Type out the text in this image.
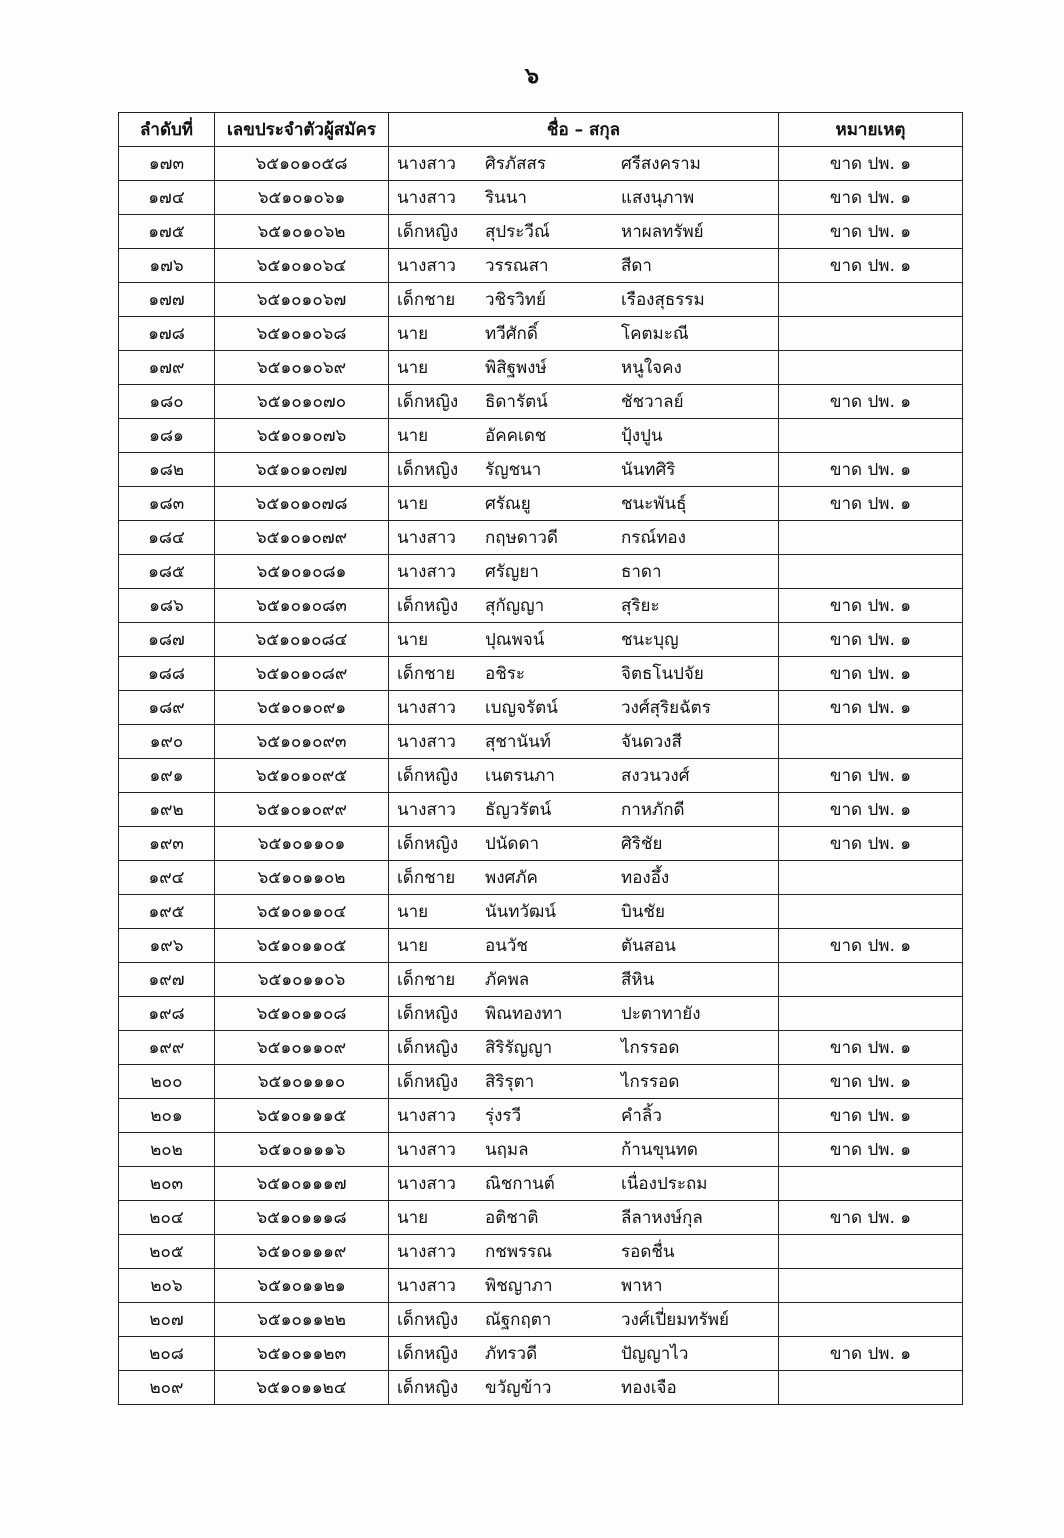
๖
ลำดับที่	เลขประจำตัวผู้สมัคร	ชื่อ – สกุล	หมายเหตุ
๑๗๓	๖๕๑๐๑๐๕๘	นางสาว ศิรภัสสร ศรีสงคราม	ขาด ปพ. ๑
๑๗๔	๖๕๑๐๑๐๖๑	นางสาว รินนา แสงนุภาพ	ขาด ปพ. ๑
๑๗๕	๖๕๑๐๑๐๖๒	เด็กหญิง สุประวีณ์ หาผลทรัพย์	ขาด ปพ. ๑
๑๗๖	๖๕๑๐๑๐๖๔	นางสาว วรรณสา สีดา	ขาด ปพ. ๑
๑๗๗	๖๕๑๐๑๐๖๗	เด็กชาย วชิรวิทย์ เรืองสุธรรม	
๑๗๘	๖๕๑๐๑๐๖๘	นาย ทวีศักดิ์ โคตมะณี	
๑๗๙	๖๕๑๐๑๐๖๙	นาย พิสิฐพงษ์ หนูใจคง	
๑๘๐	๖๕๑๐๑๐๗๐	เด็กหญิง ธิดารัตน์ ชัชวาลย์	ขาด ปพ. ๑
๑๘๑	๖๕๑๐๑๐๗๖	นาย อัคคเดช ปุ้งปูน	
๑๘๒	๖๕๑๐๑๐๗๗	เด็กหญิง รัญชนา นันทศิริ	ขาด ปพ. ๑
๑๘๓	๖๕๑๐๑๐๗๘	นาย ศรัณยู ชนะพันธุ์	ขาด ปพ. ๑
๑๘๔	๖๕๑๐๑๐๗๙	นางสาว กฤษดาวดี กรณ์ทอง	
๑๘๕	๖๕๑๐๑๐๘๑	นางสาว ศรัญยา ธาดา	
๑๘๖	๖๕๑๐๑๐๘๓	เด็กหญิง สุกัญญา สุริยะ	ขาด ปพ. ๑
๑๘๗	๖๕๑๐๑๐๘๔	นาย ปุณพจน์ ชนะบุญ	ขาด ปพ. ๑
๑๘๘	๖๕๑๐๑๐๘๙	เด็กชาย อชิระ จิตธโนปจัย	ขาด ปพ. ๑
๑๘๙	๖๕๑๐๑๐๙๑	นางสาว เบญจรัตน์ วงศ์สุริยฉัตร	ขาด ปพ. ๑
๑๙๐	๖๕๑๐๑๐๙๓	นางสาว สุชานันท์ จันดวงสี	
๑๙๑	๖๕๑๐๑๐๙๕	เด็กหญิง เนตรนภา สงวนวงศ์	ขาด ปพ. ๑
๑๙๒	๖๕๑๐๑๐๙๙	นางสาว ธัญวรัตน์ กาหภักดี	ขาด ปพ. ๑
๑๙๓	๖๕๑๐๑๑๐๑	เด็กหญิง ปนัดดา ศิริชัย	ขาด ปพ. ๑
๑๙๔	๖๕๑๐๑๑๐๒	เด็กชาย พงศภัค ทองอึ้ง	
๑๙๕	๖๕๑๐๑๑๐๔	นาย นันทวัฒน์ บินชัย	
๑๙๖	๖๕๑๐๑๑๐๕	นาย อนวัช ตันสอน	ขาด ปพ. ๑
๑๙๗	๖๕๑๐๑๑๐๖	เด็กชาย ภัคพล สีหิน	
๑๙๘	๖๕๑๐๑๑๐๘	เด็กหญิง พิณทองทา ปะตาทายัง	
๑๙๙	๖๕๑๐๑๑๐๙	เด็กหญิง สิริรัญญา ไกรรอด	ขาด ปพ. ๑
๒๐๐	๖๕๑๐๑๑๑๐	เด็กหญิง สิริรุตา ไกรรอด	ขาด ปพ. ๑
๒๐๑	๖๕๑๐๑๑๑๕	นางสาว รุ่งรวี คำลิ้ว	ขาด ปพ. ๑
๒๐๒	๖๕๑๐๑๑๑๖	นางสาว นฤมล ก้านขุนทด	ขาด ปพ. ๑
๒๐๓	๖๕๑๐๑๑๑๗	นางสาว ณิชกานต์ เนื่องประถม	
๒๐๔	๖๕๑๐๑๑๑๘	นาย อติชาติ ลีลาหงษ์กุล	ขาด ปพ. ๑
๒๐๕	๖๕๑๐๑๑๑๙	นางสาว กชพรรณ รอดชื่น	
๒๐๖	๖๕๑๐๑๑๒๑	นางสาว พิชญาภา พาหา	
๒๐๗	๖๕๑๐๑๑๒๒	เด็กหญิง ณัฐกฤตา วงศ์เปี่ยมทรัพย์	
๒๐๘	๖๕๑๐๑๑๒๓	เด็กหญิง ภัทรวดี ปัญญาไว	ขาด ปพ. ๑
๒๐๙	๖๕๑๐๑๑๒๔	เด็กหญิง ขวัญข้าว ทองเจือ	
